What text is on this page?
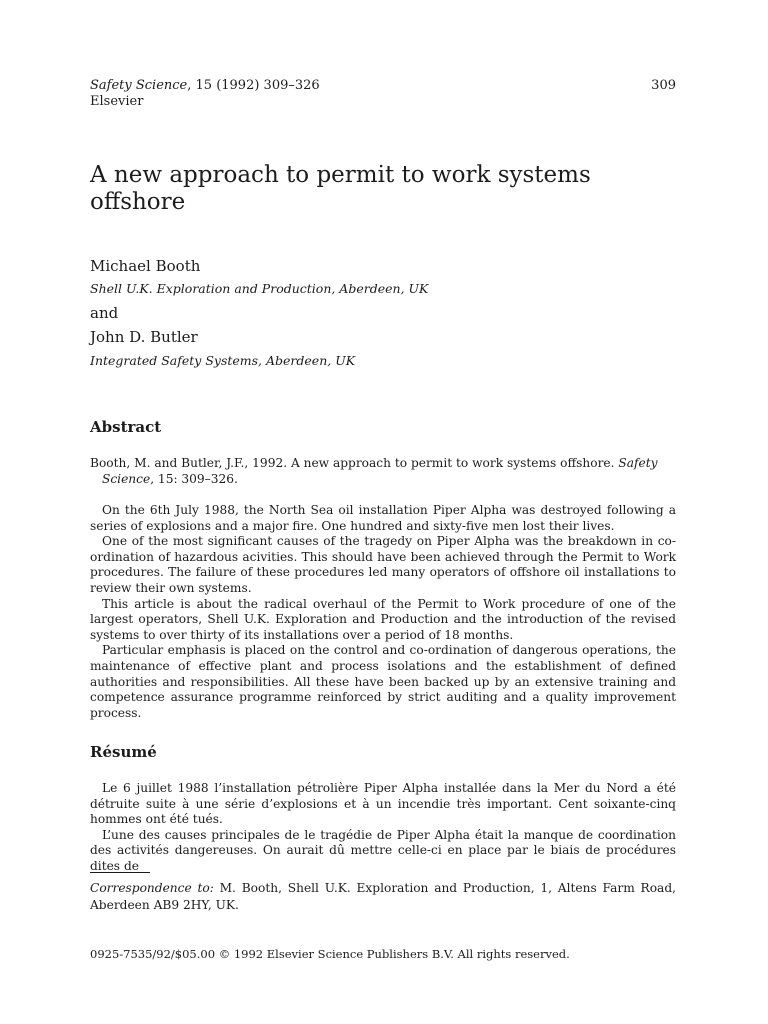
Safety Science, 15 (1992) 309–326
Elsevier
309
A new approach to permit to work systems offshore
Michael Booth
Shell U.K. Exploration and Production, Aberdeen, UK
and
John D. Butler
Integrated Safety Systems, Aberdeen, UK
Abstract
Booth, M. and Butler, J.F., 1992. A new approach to permit to work systems offshore. Safety Science, 15: 309–326.

On the 6th July 1988, the North Sea oil installation Piper Alpha was destroyed following a series of explosions and a major fire. One hundred and sixty-five men lost their lives.

One of the most significant causes of the tragedy on Piper Alpha was the breakdown in co-ordination of hazardous acivities. This should have been achieved through the Permit to Work procedures. The failure of these procedures led many operators of offshore oil installations to review their own systems.

This article is about the radical overhaul of the Permit to Work procedure of one of the largest operators, Shell U.K. Exploration and Production and the introduction of the revised systems to over thirty of its installations over a period of 18 months.

Particular emphasis is placed on the control and co-ordination of dangerous operations, the maintenance of effective plant and process isolations and the establishment of defined authorities and responsibilities. All these have been backed up by an extensive training and competence assurance programme reinforced by strict auditing and a quality improvement process.

Résumé

Le 6 juillet 1988 l’installation pétrolière Piper Alpha installée dans la Mer du Nord a été détruite suite à une série d’explosions et à un incendie très important. Cent soixante-cinq hommes ont été tués.

L’une des causes principales de le tragédie de Piper Alpha était la manque de coordination des activités dangereuses. On aurait dû mettre celle-ci en place par le biais de procédures dites de

Correspondence to: M. Booth, Shell U.K. Exploration and Production, 1, Altens Farm Road, Aberdeen AB9 2HY, UK.
0925-7535/92/$05.00 © 1992 Elsevier Science Publishers B.V. All rights reserved.
